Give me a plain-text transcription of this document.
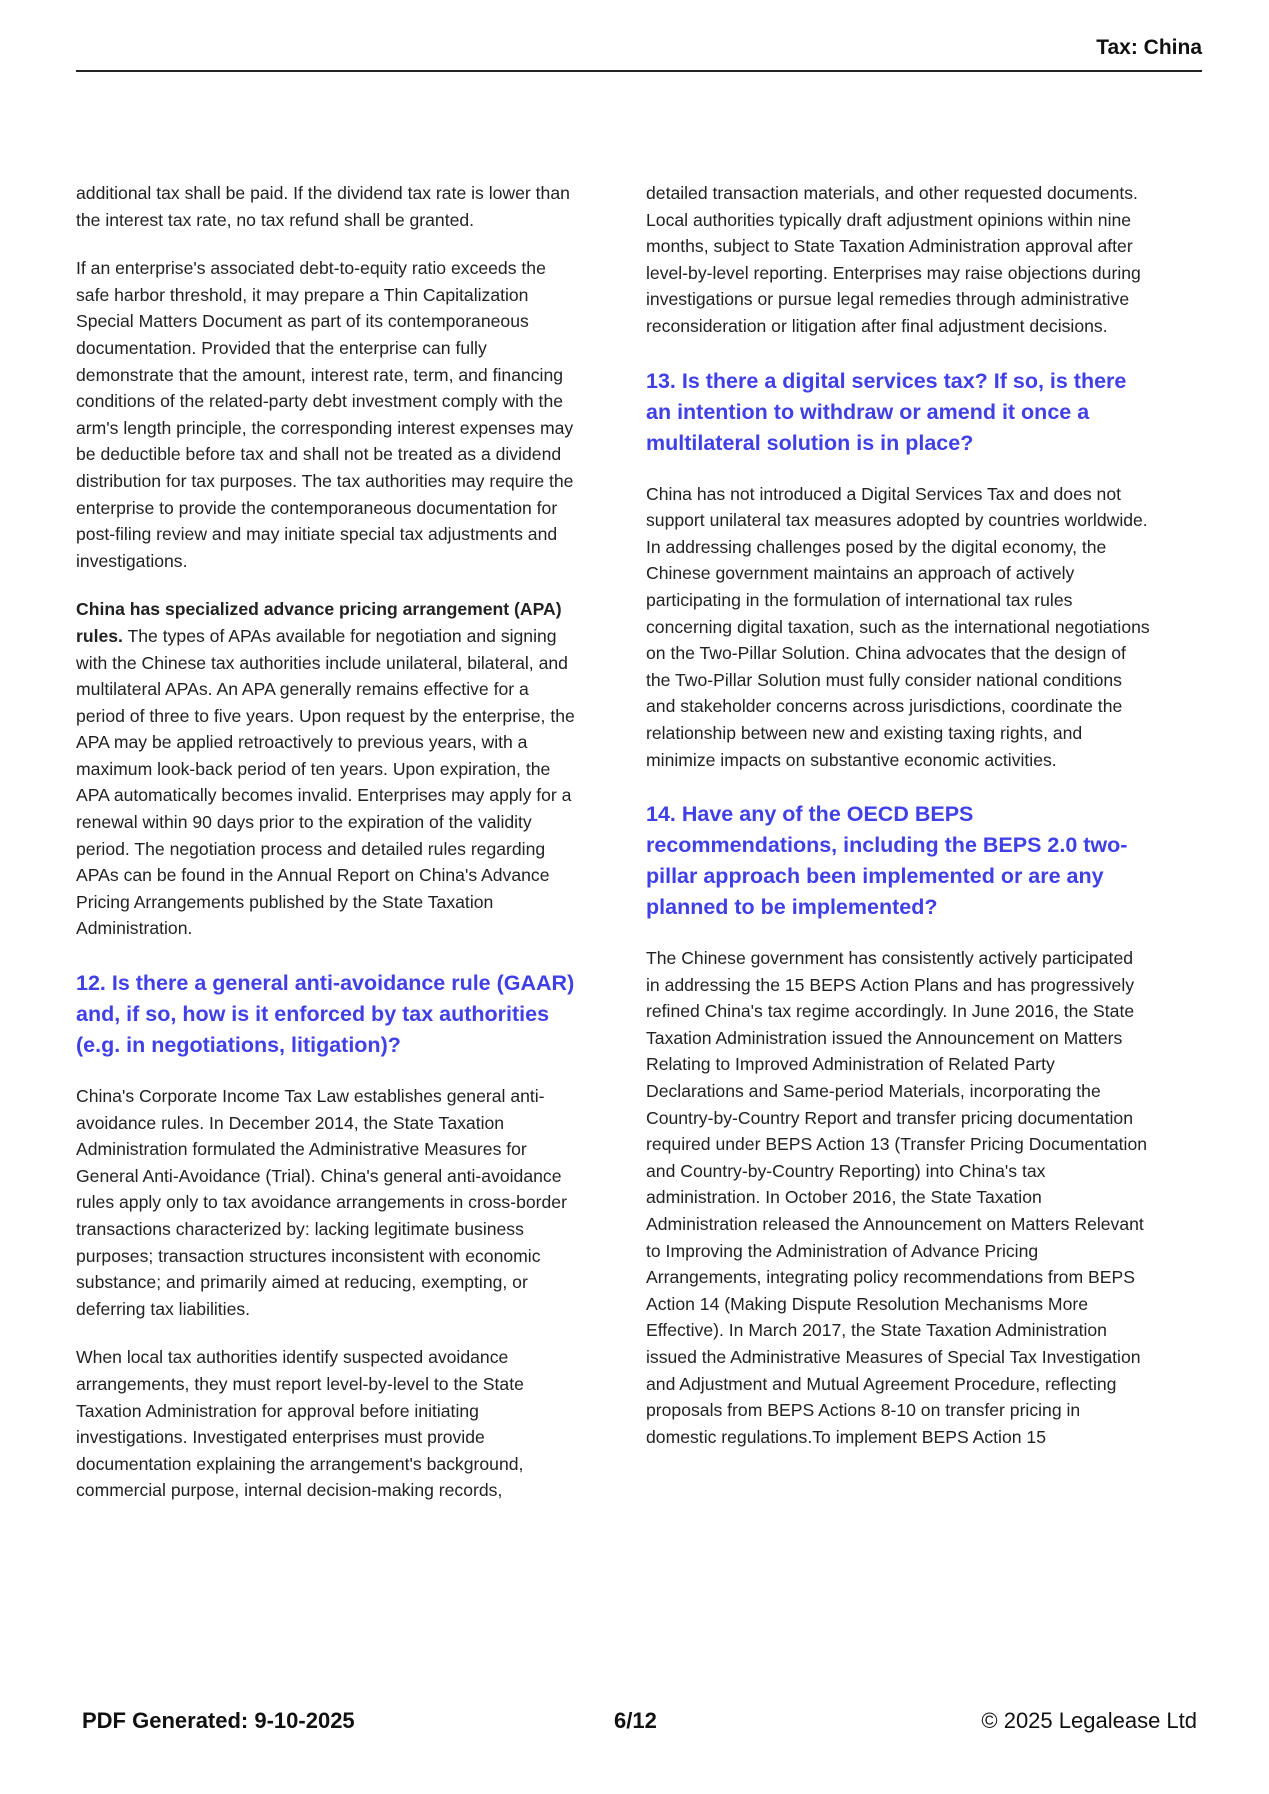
Tax: China

additional tax shall be paid. If the dividend tax rate is lower than the interest tax rate, no tax refund shall be granted.

If an enterprise's associated debt-to-equity ratio exceeds the safe harbor threshold, it may prepare a Thin Capitalization Special Matters Document as part of its contemporaneous documentation. Provided that the enterprise can fully demonstrate that the amount, interest rate, term, and financing conditions of the related-party debt investment comply with the arm's length principle, the corresponding interest expenses may be deductible before tax and shall not be treated as a dividend distribution for tax purposes. The tax authorities may require the enterprise to provide the contemporaneous documentation for post-filing review and may initiate special tax adjustments and investigations.

China has specialized advance pricing arrangement (APA) rules. The types of APAs available for negotiation and signing with the Chinese tax authorities include unilateral, bilateral, and multilateral APAs. An APA generally remains effective for a period of three to five years. Upon request by the enterprise, the APA may be applied retroactively to previous years, with a maximum look-back period of ten years. Upon expiration, the APA automatically becomes invalid. Enterprises may apply for a renewal within 90 days prior to the expiration of the validity period. The negotiation process and detailed rules regarding APAs can be found in the Annual Report on China's Advance Pricing Arrangements published by the State Taxation Administration.

12. Is there a general anti-avoidance rule (GAAR) and, if so, how is it enforced by tax authorities (e.g. in negotiations, litigation)?

China's Corporate Income Tax Law establishes general anti-avoidance rules. In December 2014, the State Taxation Administration formulated the Administrative Measures for General Anti-Avoidance (Trial). China's general anti-avoidance rules apply only to tax avoidance arrangements in cross-border transactions characterized by: lacking legitimate business purposes; transaction structures inconsistent with economic substance; and primarily aimed at reducing, exempting, or deferring tax liabilities.

When local tax authorities identify suspected avoidance arrangements, they must report level-by-level to the State Taxation Administration for approval before initiating investigations. Investigated enterprises must provide documentation explaining the arrangement's background, commercial purpose, internal decision-making records,

detailed transaction materials, and other requested documents. Local authorities typically draft adjustment opinions within nine months, subject to State Taxation Administration approval after level-by-level reporting. Enterprises may raise objections during investigations or pursue legal remedies through administrative reconsideration or litigation after final adjustment decisions.

13. Is there a digital services tax? If so, is there an intention to withdraw or amend it once a multilateral solution is in place?

China has not introduced a Digital Services Tax and does not support unilateral tax measures adopted by countries worldwide. In addressing challenges posed by the digital economy, the Chinese government maintains an approach of actively participating in the formulation of international tax rules concerning digital taxation, such as the international negotiations on the Two-Pillar Solution. China advocates that the design of the Two-Pillar Solution must fully consider national conditions and stakeholder concerns across jurisdictions, coordinate the relationship between new and existing taxing rights, and minimize impacts on substantive economic activities.

14. Have any of the OECD BEPS recommendations, including the BEPS 2.0 two-pillar approach been implemented or are any planned to be implemented?

The Chinese government has consistently actively participated in addressing the 15 BEPS Action Plans and has progressively refined China's tax regime accordingly. In June 2016, the State Taxation Administration issued the Announcement on Matters Relating to Improved Administration of Related Party Declarations and Same-period Materials, incorporating the Country-by-Country Report and transfer pricing documentation required under BEPS Action 13 (Transfer Pricing Documentation and Country-by-Country Reporting) into China's tax administration. In October 2016, the State Taxation Administration released the Announcement on Matters Relevant to Improving the Administration of Advance Pricing Arrangements, integrating policy recommendations from BEPS Action 14 (Making Dispute Resolution Mechanisms More Effective). In March 2017, the State Taxation Administration issued the Administrative Measures of Special Tax Investigation and Adjustment and Mutual Agreement Procedure, reflecting proposals from BEPS Actions 8-10 on transfer pricing in domestic regulations.To implement BEPS Action 15

PDF Generated: 9-10-2025	6/12	© 2025 Legalease Ltd
